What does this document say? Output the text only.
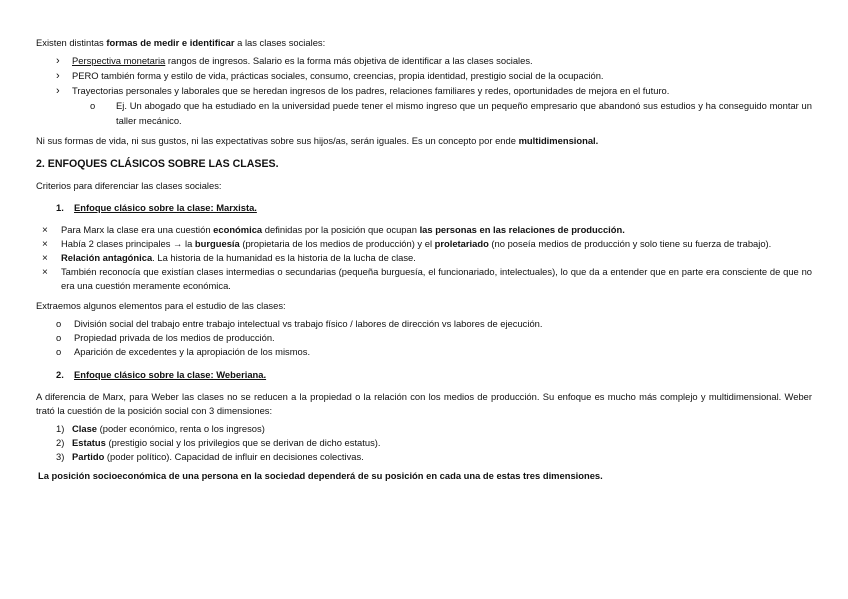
Existen distintas formas de medir e identificar a las clases sociales:

› Perspectiva monetaria rangos de ingresos. Salario es la forma más objetiva de identificar a las clases sociales.
› PERO también forma y estilo de vida, prácticas sociales, consumo, creencias, propia identidad, prestigio social de la ocupación.
› Trayectorias personales y laborales que se heredan ingresos de los padres, relaciones familiares y redes, oportunidades de mejora en el futuro.
o Ej. Un abogado que ha estudiado en la universidad puede tener el mismo ingreso que un pequeño empresario que abandonó sus estudios y ha conseguido montar un taller mecánico.

Ni sus formas de vida, ni sus gustos, ni las expectativas sobre sus hijos/as, serán iguales. Es un concepto por ende multidimensional.

2. ENFOQUES CLÁSICOS SOBRE LAS CLASES.

Criterios para diferenciar las clases sociales:

1. Enfoque clásico sobre la clase: Marxista.
× Para Marx la clase era una cuestión económica definidas por la posición que ocupan las personas en las relaciones de producción.
× Había 2 clases principales → la burguesía (propietaria de los medios de producción) y el proletariado (no poseía medios de producción y solo tiene su fuerza de trabajo).
× Relación antagónica. La historia de la humanidad es la historia de la lucha de clase.
× También reconocía que existían clases intermedias o secundarias (pequeña burguesía, el funcionariado, intelectuales), lo que da a entender que en parte era consciente de que no era una cuestión meramente económica.

Extraemos algunos elementos para el estudio de las clases:

o División social del trabajo entre trabajo intelectual vs trabajo físico / labores de dirección vs labores de ejecución.
o Propiedad privada de los medios de producción.
o Aparición de excedentes y la apropiación de los mismos.
2. Enfoque clásico sobre la clase: Weberiana.

A diferencia de Marx, para Weber las clases no se reducen a la propiedad o la relación con los medios de producción. Su enfoque es mucho más complejo y multidimensional. Weber trató la cuestión de la posición social con 3 dimensiones:

1) Clase (poder económico, renta o los ingresos)
2) Estatus (prestigio social y los privilegios que se derivan de dicho estatus).
3) Partido (poder político). Capacidad de influir en decisiones colectivas.

La posición socioeconómica de una persona en la sociedad dependerá de su posición en cada una de estas tres dimensiones.
